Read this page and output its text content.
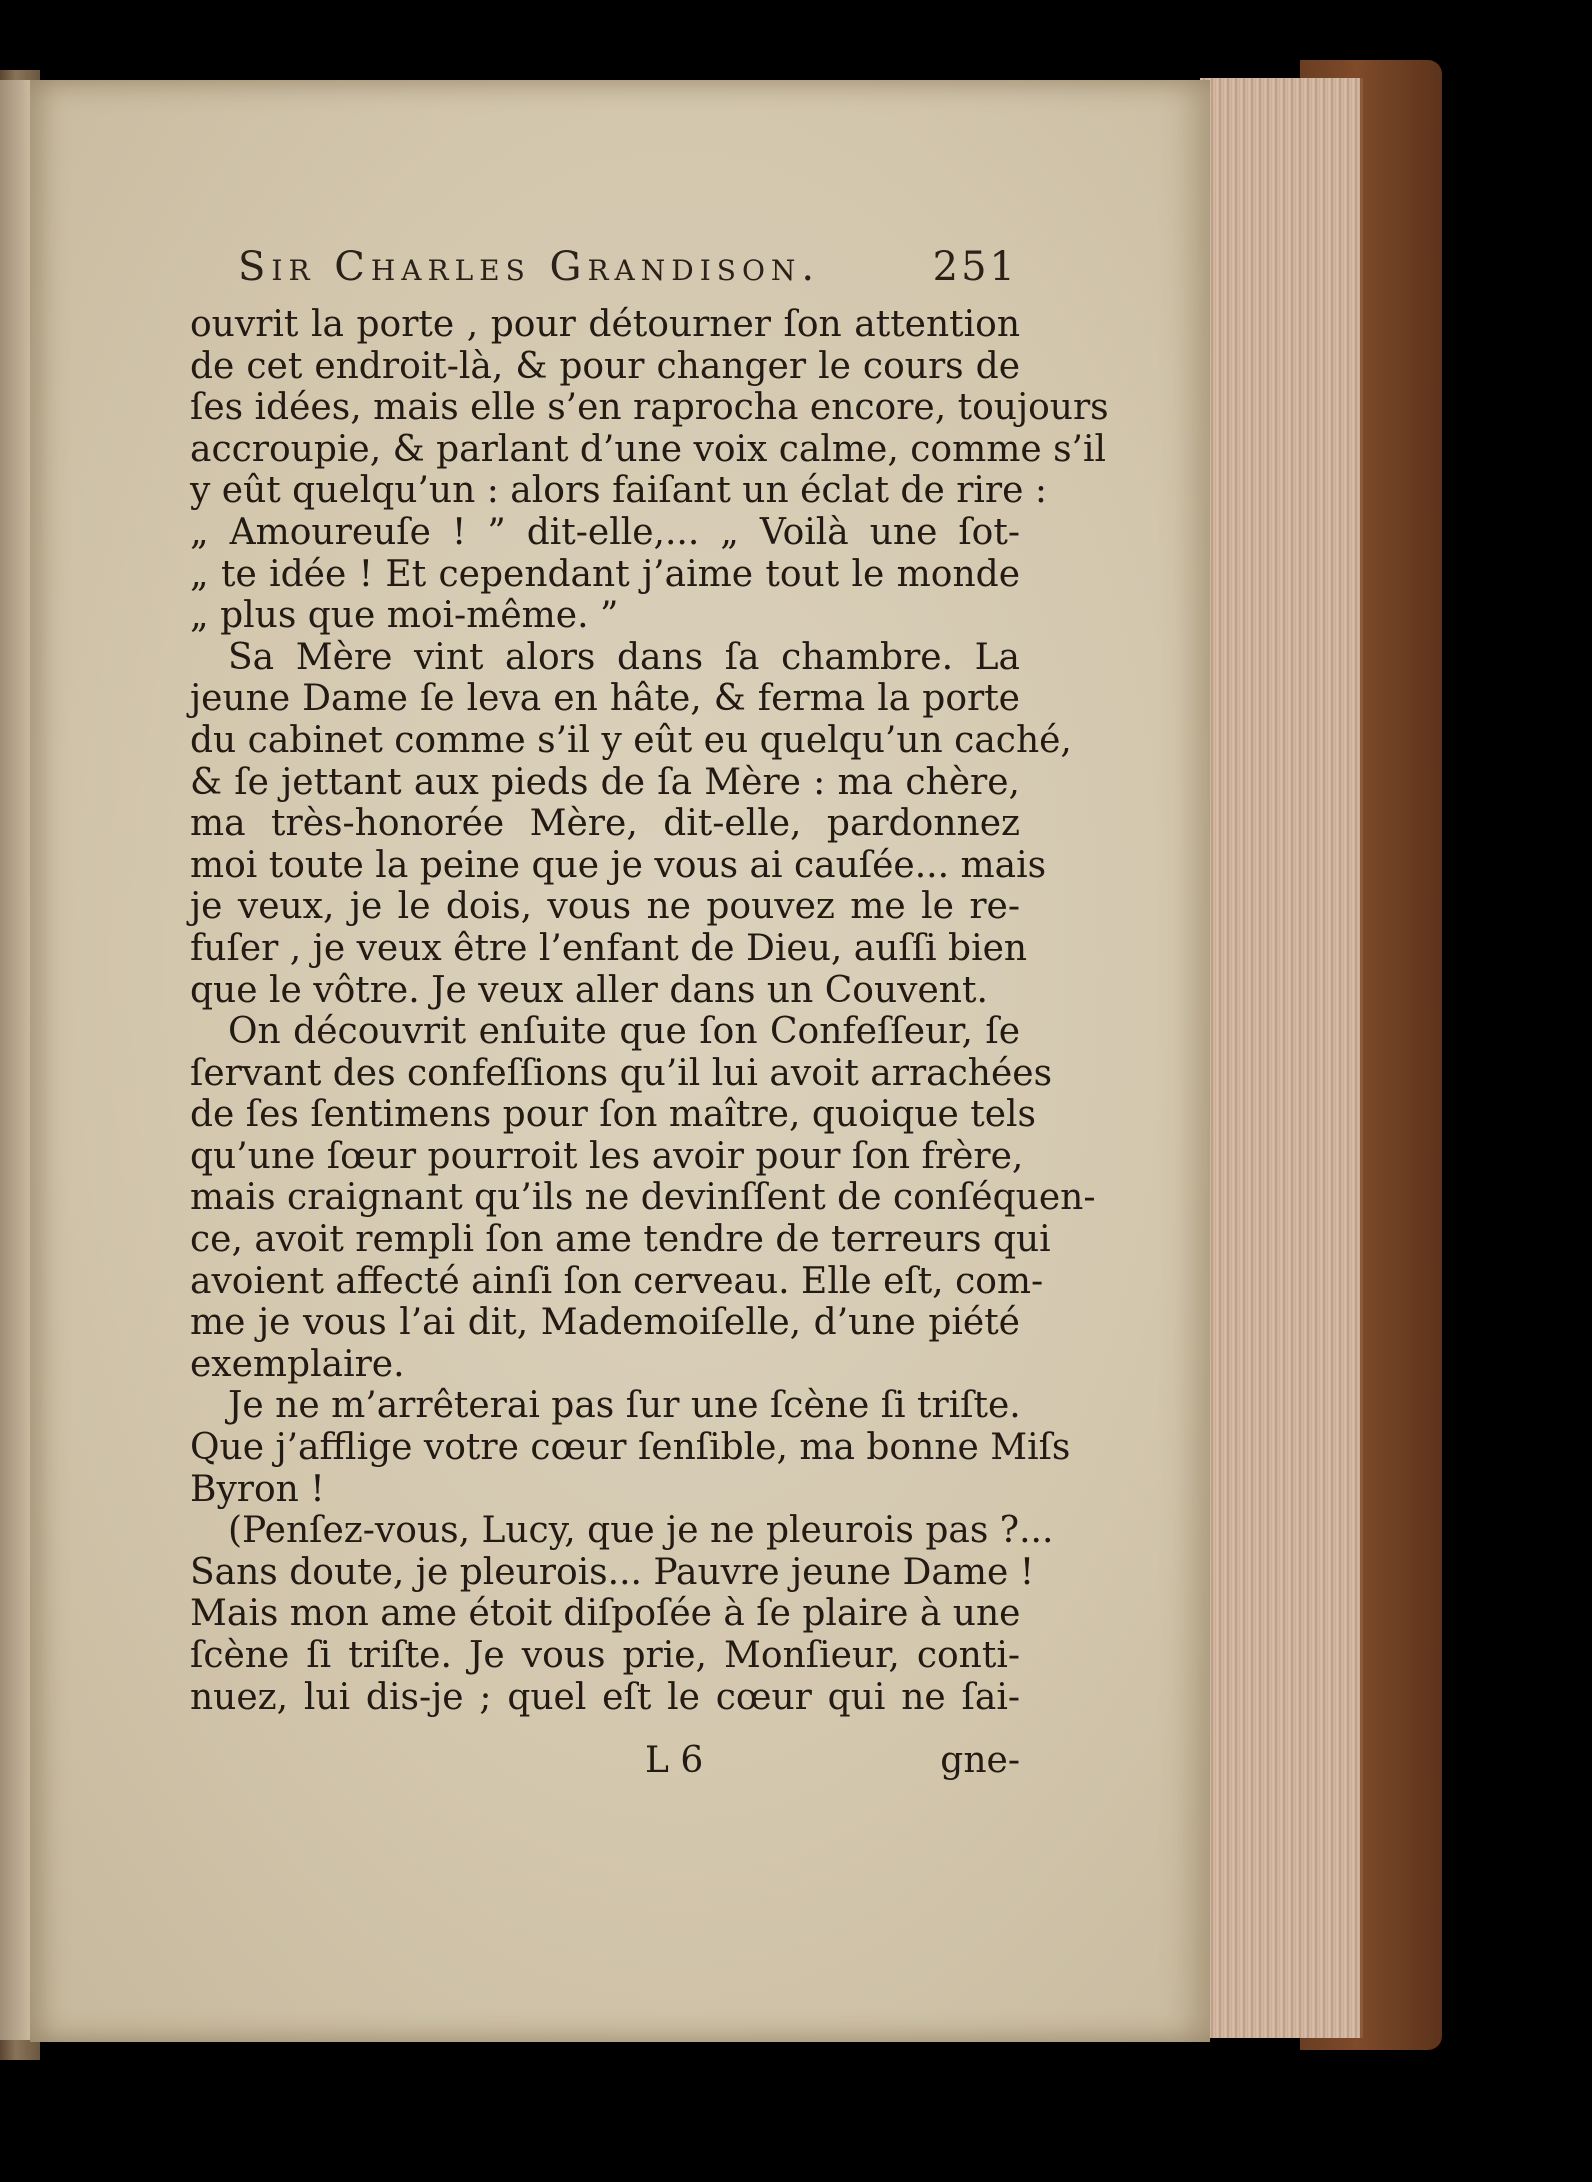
Sir Charles Grandison.	251
ouvrit la porte , pour détourner ſon attention
de cet endroit-là, & pour changer le cours de
ſes idées, mais elle s’en raprocha encore, toujours
accroupie, & parlant d’une voix calme, comme s’il
y eût quelqu’un : alors faiſant un éclat de rire :
„ Amoureuſe ! ” dit-elle,... „ Voilà une ſot-
„ te idée ! Et cependant j’aime tout le monde
„ plus que moi-même. ”
Sa Mère vint alors dans ſa chambre. La
jeune Dame ſe leva en hâte, & ferma la porte
du cabinet comme s’il y eût eu quelqu’un caché,
& ſe jettant aux pieds de ſa Mère : ma chère,
ma très-honorée Mère, dit-elle, pardonnez
moi toute la peine que je vous ai cauſée... mais
je veux, je le dois, vous ne pouvez me le re-
fuſer , je veux être l’enfant de Dieu, auſſi bien
que le vôtre. Je veux aller dans un Couvent.
On découvrit enſuite que ſon Confeſſeur, ſe
ſervant des confeſſions qu’il lui avoit arrachées
de ſes ſentimens pour ſon maître, quoique tels
qu’une ſœur pourroit les avoir pour ſon frère,
mais craignant qu’ils ne devinſſent de conſéquen-
ce, avoit rempli ſon ame tendre de terreurs qui
avoient affecté ainſi ſon cerveau. Elle eſt, com-
me je vous l’ai dit, Mademoiſelle, d’une piété
exemplaire.
Je ne m’arrêterai pas ſur une ſcène ſi triſte.
Que j’afflige votre cœur ſenſible, ma bonne Miſs
Byron !
(Penſez-vous, Lucy, que je ne pleurois pas ?...
Sans doute, je pleurois... Pauvre jeune Dame !
Mais mon ame étoit diſpoſée à ſe plaire à une
ſcène ſi triſte. Je vous prie, Monſieur, conti-
nuez, lui dis-je ; quel eſt le cœur qui ne ſai-
L 6	gne-
